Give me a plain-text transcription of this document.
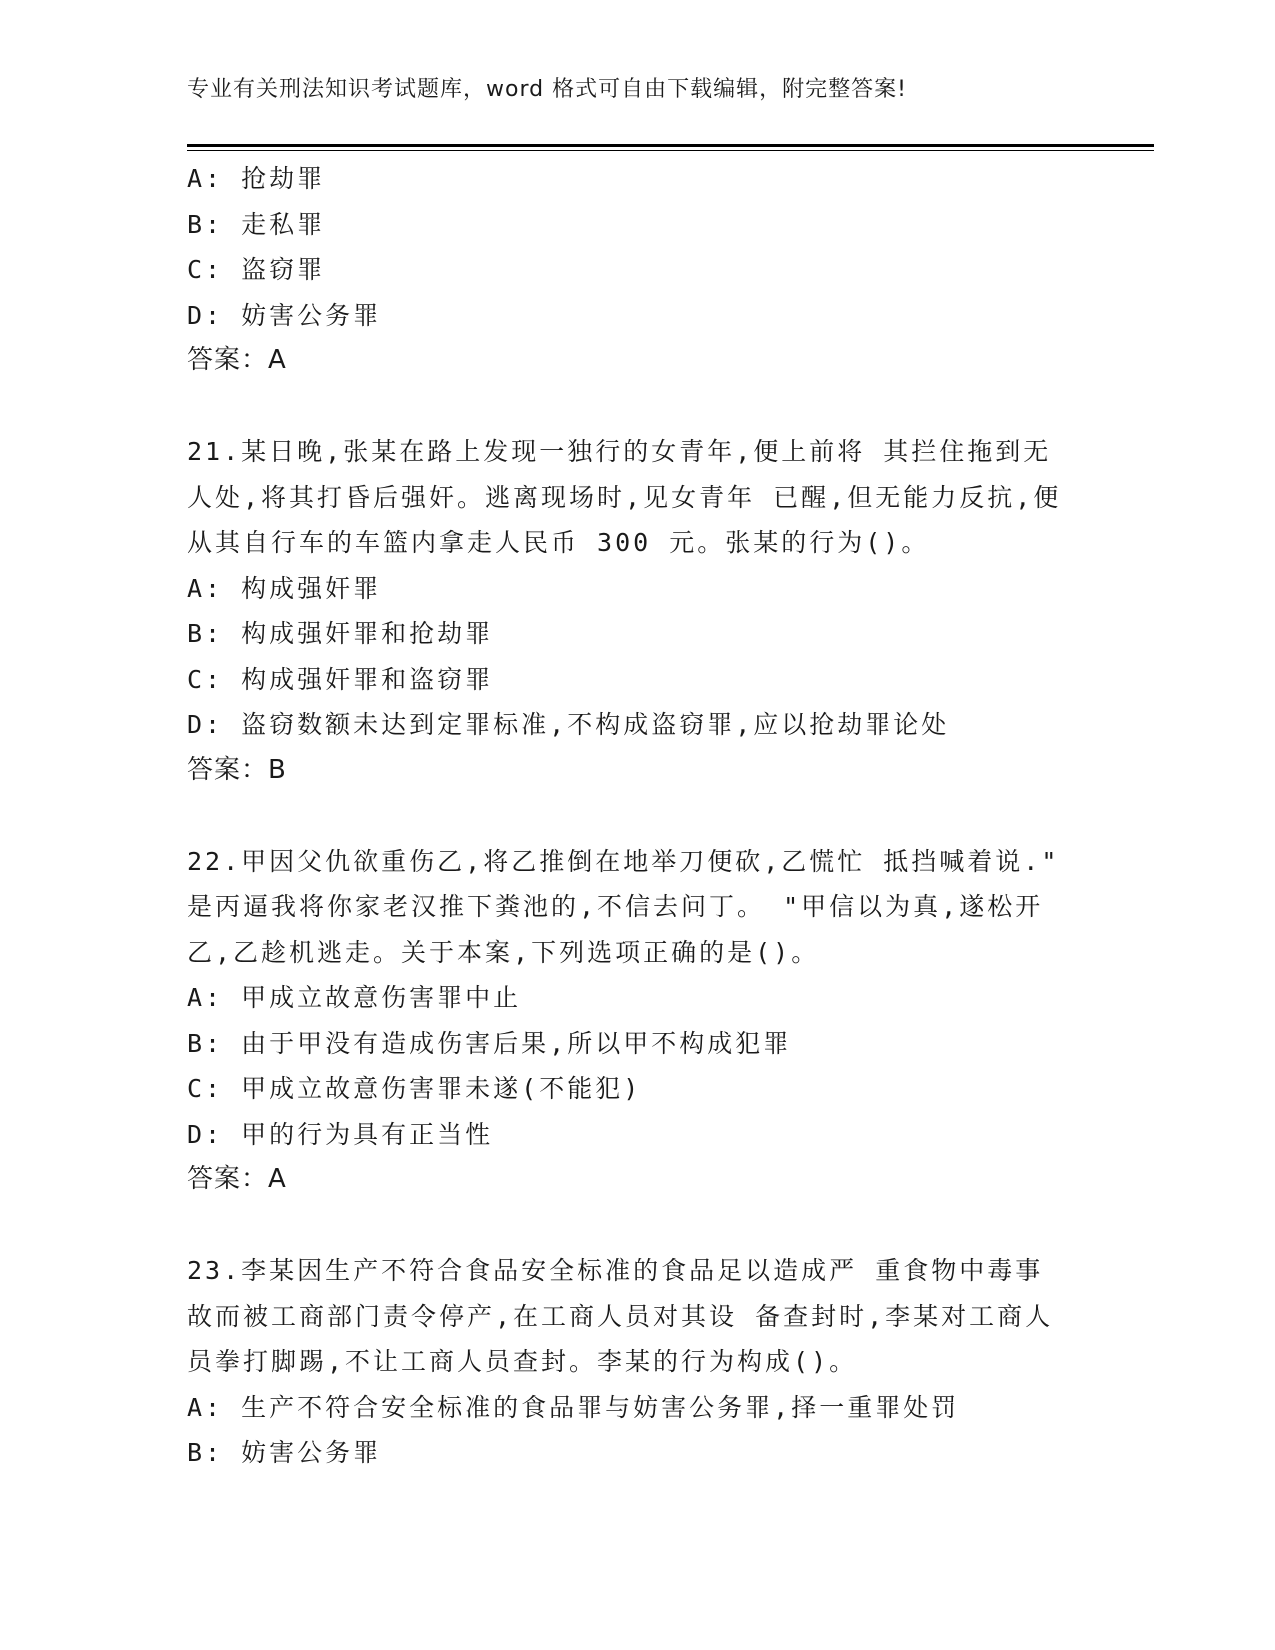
专业有关刑法知识考试题库，word 格式可自由下载编辑，附完整答案!
A: 抢劫罪
B: 走私罪
C: 盗窃罪
D: 妨害公务罪
答案：A
21.某日晚,张某在路上发现一独行的女青年,便上前将 其拦住拖到无
人处,将其打昏后强奸。逃离现场时,见女青年 已醒,但无能力反抗,便
从其自行车的车篮内拿走人民币 300 元。张某的行为()。
A: 构成强奸罪
B: 构成强奸罪和抢劫罪
C: 构成强奸罪和盗窃罪
D: 盗窃数额未达到定罪标准,不构成盗窃罪,应以抢劫罪论处
答案：B
22.甲因父仇欲重伤乙,将乙推倒在地举刀便砍,乙慌忙 抵挡喊着说."
是丙逼我将你家老汉推下粪池的,不信去问丁。 "甲信以为真,遂松开
乙,乙趁机逃走。关于本案,下列选项正确的是()。
A: 甲成立故意伤害罪中止
B: 由于甲没有造成伤害后果,所以甲不构成犯罪
C: 甲成立故意伤害罪未遂(不能犯)
D: 甲的行为具有正当性
答案：A
23.李某因生产不符合食品安全标准的食品足以造成严 重食物中毒事
故而被工商部门责令停产,在工商人员对其设 备查封时,李某对工商人
员拳打脚踢,不让工商人员查封。李某的行为构成()。
A: 生产不符合安全标准的食品罪与妨害公务罪,择一重罪处罚
B: 妨害公务罪
